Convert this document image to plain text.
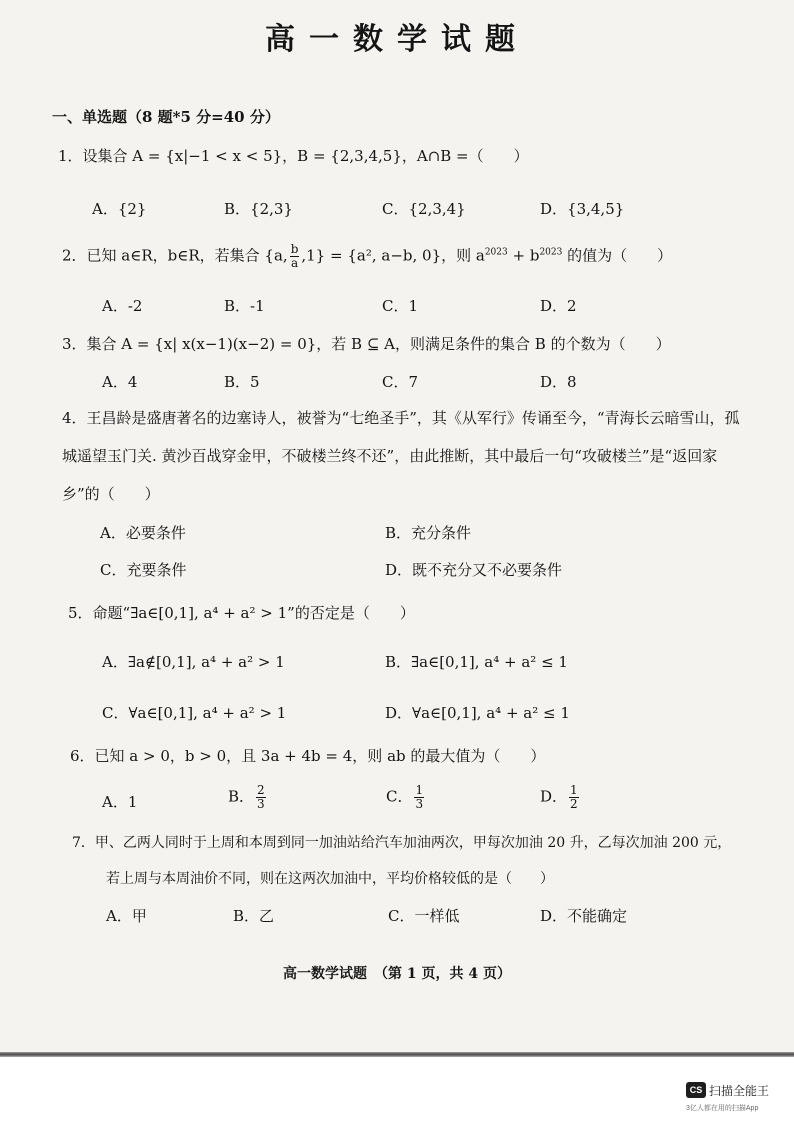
高一数学试题
一、单选题（8 题*5 分=40 分）
1．设集合 A = {x|−1 < x < 5}，B = {2,3,4,5}，A∩B =（　　）
A．{2}	B．{2,3}	C．{2,3,4}	D．{3,4,5}
2．已知 a∈R，b∈R，若集合 {a, $\frac{b}{a} ,1\} = \{a^2$, a−b, 0}，则 $a^{2023} + b^{2023}$ 的值为（　　）
A．-2	B．-1	C．1	D．2
3．集合 A = {x| x(x−1)(x−2) = 0}，若 B ⊆ A，则满足条件的集合 B 的个数为（　　）
A．4	B．5	C．7	D．8
4．王昌龄是盛唐著名的边塞诗人，被誉为“七绝圣手”，其《从军行》传诵至今，“青海长云暗雪山，孤城遥望玉门关. 黄沙百战穿金甲，不破楼兰终不还”，由此推断，其中最后一句“攻破楼兰”是“返回家乡”的（　　）
A．必要条件	B．充分条件
C．充要条件	D．既不充分又不必要条件
5．命题“∃a∈[0,1], a⁴ + a² > 1”的否定是（　　）
A．∃a∉[0,1], a⁴ + a² > 1	B．∃a∈[0,1], a⁴ + a² ≤ 1
C．∀a∈[0,1], a⁴ + a² > 1	D．∀a∈[0,1], a⁴ + a² ≤ 1
6．已知 a > 0，b > 0，且 3a + 4b = 4，则 ab 的最大值为（　　）
A．1	B． $\frac{2}{3}$	C． $\frac{1}{3}$	D． $\frac{1}{2}$
7．甲、乙两人同时于上周和本周到同一加油站给汽车加油两次，甲每次加油 20 升，乙每次加油 200 元，
若上周与本周油价不同，则在这两次加油中，平均价格较低的是（　　）
A．甲	B．乙	C．一样低	D．不能确定
高一数学试题　（第 1 页，共 4 页）
CS 扫描全能王
3亿人都在用的扫描App
